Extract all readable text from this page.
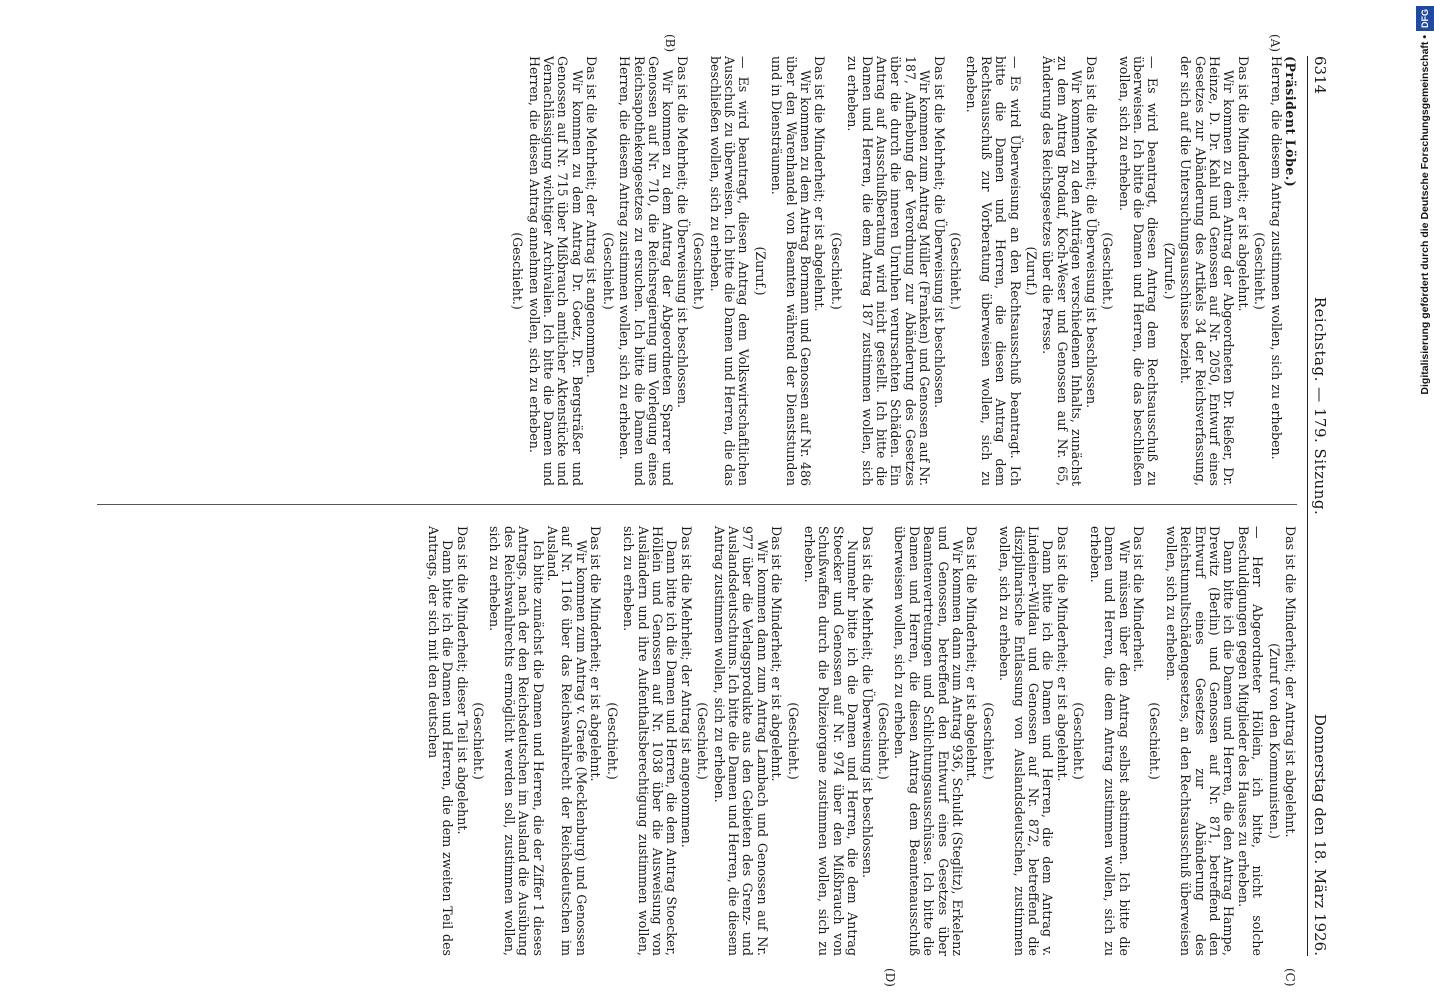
6314
Reichstag. — 179. Sitzung.
Donnerstag den 18. März 1926.
(A)
(B)
(C)
(D)

(Präsident Löbe.)

Herren, die diesem Antrag zustimmen wollen, sich zu erheben.

(Geschieht.)

Das ist die Minderheit; er ist abgelehnt.

Wir kommen zu dem Antrag der Abgeordneten Dr. Rießer, Dr. Heinze, D. Dr. Kahl und Genossen auf Nr. 2050, Entwurf eines Gesetzes zur Abänderung des Artikels 34 der Reichsverfassung, der sich auf die Untersuchungsausschüsse bezieht.

(Zurufe.)

— Es wird beantragt, diesen Antrag dem Rechtsausschuß zu überweisen. Ich bitte die Damen und Herren, die das beschließen wollen, sich zu erheben.

(Geschieht.)

Das ist die Mehrheit; die Überweisung ist beschlossen.

Wir kommen zu den Anträgen verschiedenen Inhalts, zunächst zu dem Antrag Brodauf, Koch-Weser und Genossen auf Nr. 65, Änderung des Reichsgesetzes über die Presse.

(Zuruf.)

— Es wird Überweisung an den Rechtsausschuß beantragt. Ich bitte die Damen und Herren, die diesen Antrag dem Rechtsausschuß zur Vorberatung überweisen wollen, sich zu erheben.

(Geschieht.)

Das ist die Mehrheit; die Überweisung ist beschlossen.

Wir kommen zum Antrag Müller (Franken) und Genossen auf Nr. 187, Aufhebung der Verordnung zur Abänderung des Gesetzes über die durch die inneren Unruhen verursachten Schäden. Ein Antrag auf Ausschußberatung wird nicht gestellt. Ich bitte die Damen und Herren, die dem Antrag 187 zustimmen wollen, sich zu erheben.

(Geschieht.)

Das ist die Minderheit; er ist abgelehnt.

Wir kommen zu dem Antrag Bormann und Genossen auf Nr. 486 über den Warenhandel von Beamten während der Dienststunden und in Diensträumen.

(Zuruf.)

— Es wird beantragt, diesen Antrag dem Volkswirtschaftlichen Ausschuß zu überweisen. Ich bitte die Damen und Herren, die das beschließen wollen, sich zu erheben.

(Geschieht.)

Das ist die Mehrheit; die Überweisung ist beschlossen.

Wir kommen zu dem Antrag der Abgeordneten Sparrer und Genossen auf Nr. 710, die Reichsregierung um Vorlegung eines Reichsapothekengesetzes zu ersuchen. Ich bitte die Damen und Herren, die diesem Antrag zustimmen wollen, sich zu erheben.

(Geschieht.)

Das ist die Mehrheit; der Antrag ist angenommen.

Wir kommen zu dem Antrag Dr. Goetz, Dr. Bergsträßer und Genossen auf Nr. 715 über Mißbrauch amtlicher Aktenstücke und Vernachlässigung wichtiger Archivalien. Ich bitte die Damen und Herren, die diesen Antrag annehmen wollen, sich zu erheben.

(Geschieht.)

Das ist die Minderheit; der Antrag ist abgelehnt.

(Zuruf von den Kommunisten.)

— Herr Abgeordneter Höllein, ich bitte, nicht solche Beschuldigungen gegen Mitglieder des Hauses zu erheben.

Dann bitte ich die Damen und Herren, die den Antrag Hampe, Drewitz (Berlin) und Genossen auf Nr. 871, betreffend den Entwurf eines Gesetzes zur Abänderung des Reichstumultschädengesetzes, an den Rechtsausschuß überweisen wollen, sich zu erheben.

(Geschieht.)

Das ist die Minderheit.

Wir müssen über den Antrag selbst abstimmen. Ich bitte die Damen und Herren, die dem Antrag zustimmen wollen, sich zu erheben.

(Geschieht.)

Das ist die Minderheit; er ist abgelehnt.

Dann bitte ich die Damen und Herren, die dem Antrag v. Lindeiner-Wildau und Genossen auf Nr. 872, betreffend die disziplinarische Entlassung von Auslandsdeutschen, zustimmen wollen, sich zu erheben.

(Geschieht.)

Das ist die Minderheit; er ist abgelehnt.

Wir kommen dann zum Antrag 936, Schuldt (Steglitz), Erkelenz und Genossen, betreffend den Entwurf eines Gesetzes über Beamtenvertretungen und Schlichtungsausschüsse. Ich bitte die Damen und Herren, die diesen Antrag dem Beamtenausschuß überweisen wollen, sich zu erheben.

(Geschieht.)

Das ist die Mehrheit; die Überweisung ist beschlossen.

Nunmehr bitte ich die Damen und Herren, die dem Antrag Stoecker und Genossen auf Nr. 974 über den Mißbrauch von Schußwaffen durch die Polizeiorgane zustimmen wollen, sich zu erheben.

(Geschieht.)

Das ist die Minderheit; er ist abgelehnt.

Wir kommen dann zum Antrag Lambach und Genossen auf Nr. 977 über die Verlagsprodukte aus den Gebieten des Grenz- und Auslandsdeutschtums. Ich bitte die Damen und Herren, die diesem Antrag zustimmen wollen, sich zu erheben.

(Geschieht.)

Das ist die Mehrheit; der Antrag ist angenommen.

Dann bitte ich die Damen und Herren, die dem Antrag Stoecker, Höllein und Genossen auf Nr. 1038 über die Ausweisung von Ausländern und ihre Aufenthaltsberechtigung zustimmen wollen, sich zu erheben.

(Geschieht.)

Das ist die Minderheit; er ist abgelehnt.

Wir kommen zum Antrag v. Graefe (Mecklenburg) und Genossen auf Nr. 1166 über das Reichswahlrecht der Reichsdeutschen im Ausland.

Ich bitte zunächst die Damen und Herren, die der Ziffer 1 dieses Antrags, nach der den Reichsdeutschen im Ausland die Ausübung des Reichswahlrechts ermöglicht werden soll, zustimmen wollen, sich zu erheben.

(Geschieht.)

Das ist die Minderheit; dieser Teil ist abgelehnt.

Dann bitte ich die Damen und Herren, die dem zweiten Teil des Antrags, der sich mit den deutschen

Digitalisierung gefördert durch die Deutsche Forschungsgemeinschaft •DFG
